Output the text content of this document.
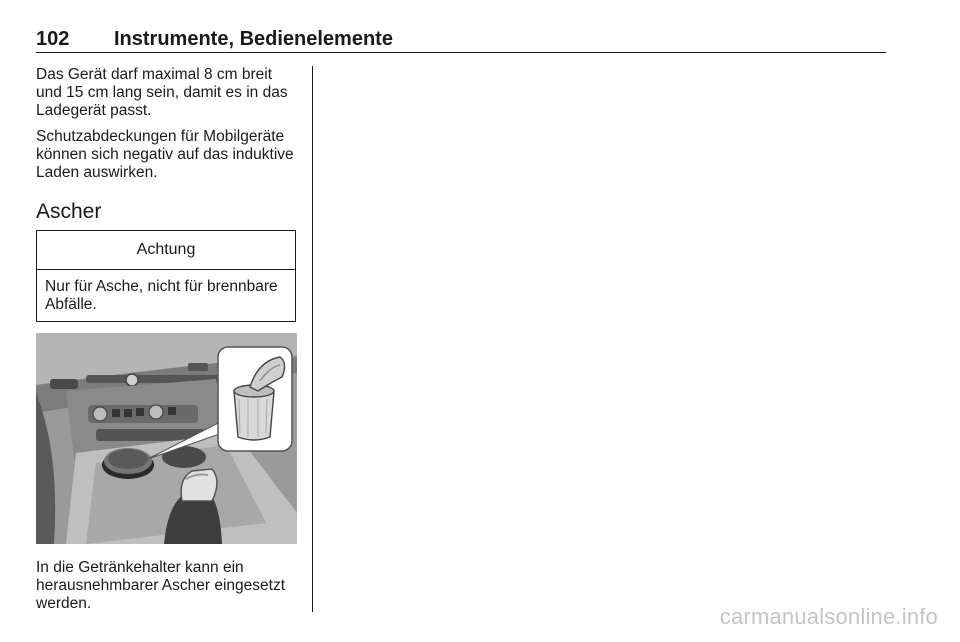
102 Instrumente, Bedienelemente

Das Gerät darf maximal 8 cm breit und 15 cm lang sein, damit es in das Ladegerät passt.

Schutzabdeckungen für Mobilgeräte können sich negativ auf das induktive Laden auswirken.

Ascher
Achtung
Nur für Asche, nicht für brennbare Abfälle.
In die Getränkehalter kann ein herausnehmbarer Ascher eingesetzt werden.
carmanualsonline.info
